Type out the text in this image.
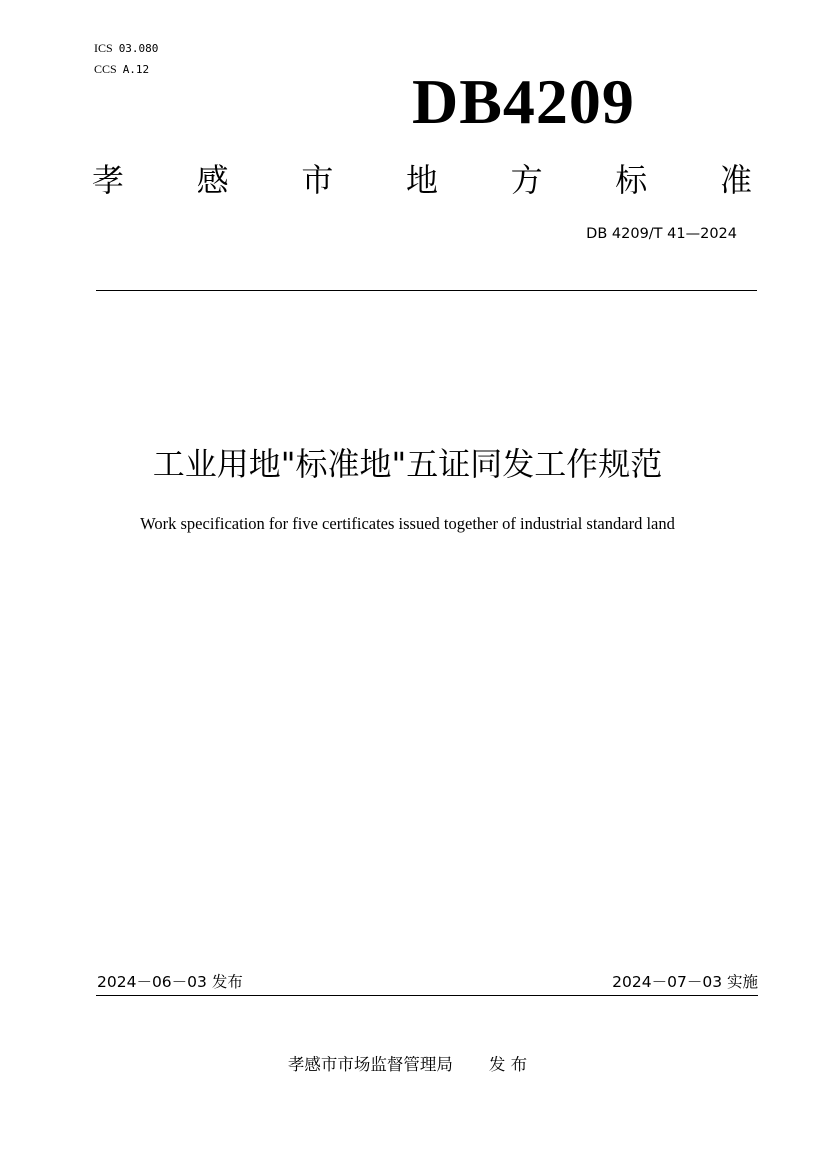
ICS 03.080
CCS A.12	DB4209
孝 感 市 地 方 标 准
DB 4209/T 41—2024
工业用地"标准地"五证同发工作规范
Work specification for five certificates issued together of industrial standard land
2024－06－03 发布	2024－07－03 实施
孝感市市场监督管理局 发 布
